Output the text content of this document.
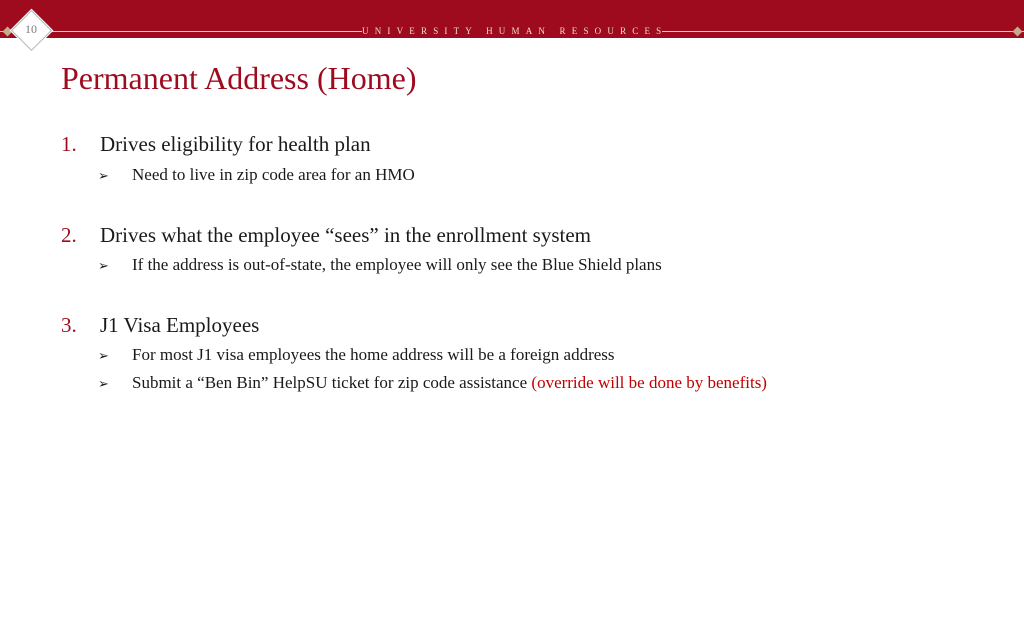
UNIVERSITY HUMAN RESOURCES
10
Permanent Address (Home)
1. Drives eligibility for health plan
➢ Need to live in zip code area for an HMO
2. Drives what the employee “sees” in the enrollment system
➢ If the address is out-of-state, the employee will only see the Blue Shield plans
3. J1 Visa Employees
➢ For most J1 visa employees the home address will be a foreign address
➢ Submit a “Ben Bin” HelpSU ticket for zip code assistance (override will be done by benefits)
